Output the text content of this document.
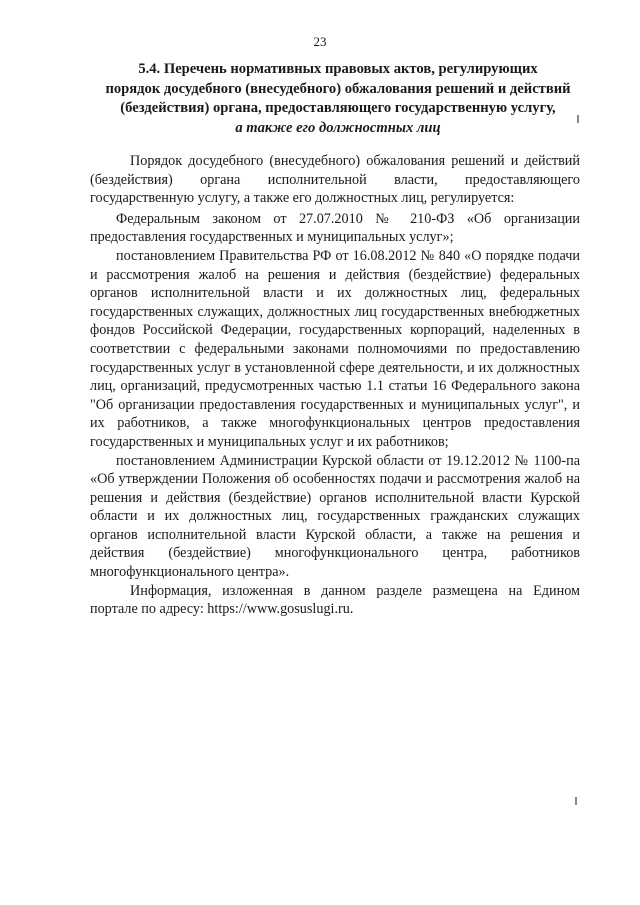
23
5.4. Перечень нормативных правовых актов, регулирующих
порядок досудебного (внесудебного) обжалования решений и действий
(бездействия) органа, предоставляющего государственную услугу,
а также его должностных лиц

Порядок досудебного (внесудебного) обжалования решений и действий (бездействия) органа исполнительной власти, предоставляющего государственную услугу, а также его должностных лиц, регулируется:

Федеральным законом от 27.07.2010 № 210-ФЗ «Об организации предоставления государственных и муниципальных услуг»;

постановлением Правительства РФ от 16.08.2012 № 840 «О порядке подачи и рассмотрения жалоб на решения и действия (бездействие) федеральных органов исполнительной власти и их должностных лиц, федеральных государственных служащих, должностных лиц государственных внебюджетных фондов Российской Федерации, государственных корпораций, наделенных в соответствии с федеральными законами полномочиями по предоставлению государственных услуг в установленной сфере деятельности, и их должностных лиц, организаций, предусмотренных частью 1.1 статьи 16 Федерального закона "Об организации предоставления государственных и муниципальных услуг", и их работников, а также многофункциональных центров предоставления государственных и муниципальных услуг и их работников;

постановлением Администрации Курской области от 19.12.2012 № 1100-па «Об утверждении Положения об особенностях подачи и рассмотрения жалоб на решения и действия (бездействие) органов исполнительной власти Курской области и их должностных лиц, государственных гражданских служащих органов исполнительной власти Курской области, а также на решения и действия (бездействие) многофункционального центра, работников многофункционального центра».

Информация, изложенная в данном разделе размещена на Едином портале по адресу: https://www.gosuslugi.ru.
